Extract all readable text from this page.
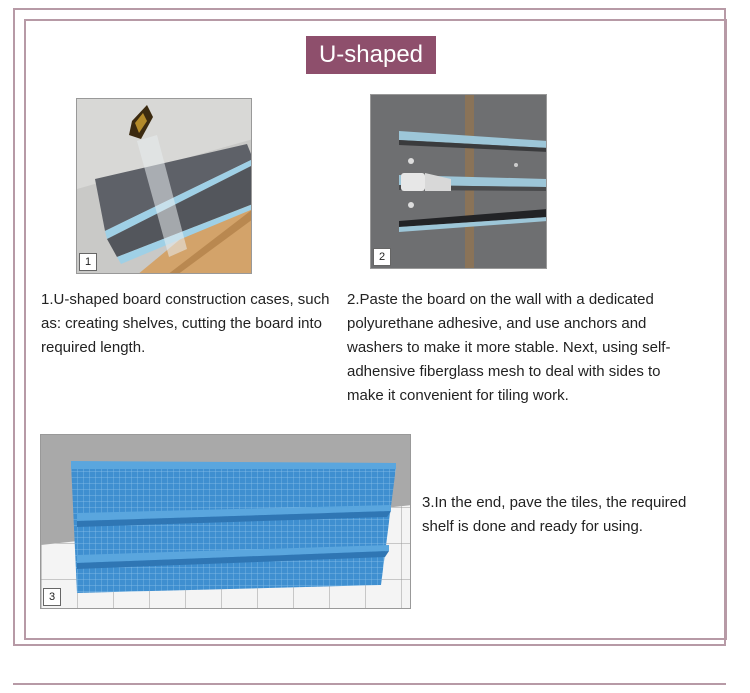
U-shaped
1	2
3
1.U-shaped board construction cases, such as: creating shelves, cutting the board into required length.
2.Paste the board on the wall with a dedicated polyurethane adhesive, and use anchors and washers to make it more stable. Next, using self-adhensive fiberglass mesh to deal with sides to make it convenient for tiling work.
3.In the end, pave the tiles, the required shelf is done and ready for using.
